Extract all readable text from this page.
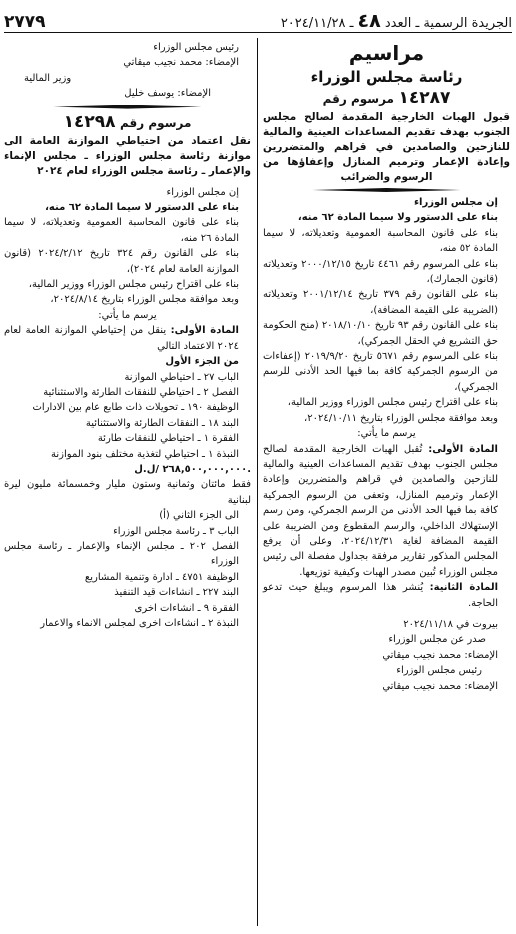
الجريدة الرسمية ـ العدد ٤٨ ـ ٢٠٢٤/١١/٢٨
٢٧٧٩
مراسيم
رئاسة مجلس الوزراء
١٤٢٨٧ مرسوم رقم
قبول الهبات الخارجية المقدمة لصالح مجلس الجنوب بهدف تقديم المساعدات العينية والمالية للنازحين والصامدين في قراهم والمتضررين وإعادة الإعمار وترميم المنازل وإعفاؤها من الرسوم والضرائب

إن مجلس الوزراء

بناء على الدستور ولا سيما المادة ٦٢ منه،

بناء على قانون المحاسبة العمومية وتعديلاته، لا سيما المادة ٥٢ منه،

بناء على المرسوم رقم ٤٤٦١ تاريخ ٢٠٠٠/١٢/١٥ وتعديلاته (قانون الجمارك)،

بناء على القانون رقم ٣٧٩ تاريخ ٢٠٠١/١٢/١٤ وتعديلاته (الضريبة على القيمة المضافة)،

بناء على القانون رقم ٩٣ تاريخ ٢٠١٨/١٠/١٠ (منح الحكومة حق التشريع في الحقل الجمركي)،

بناء على المرسوم رقم ٥٦٧١ تاريخ ٢٠١٩/٩/٢٠ (إعفاءات من الرسوم الجمركية كافة بما فيها الحد الأدنى للرسم الجمركي)،

بناء على اقتراح رئيس مجلس الوزراء ووزير المالية،

وبعد موافقة مجلس الوزراء بتاريخ ٢٠٢٤/١٠/١١،

يرسم ما يأتي:

المادة الأولى: تُقبل الهبات الخارجية المقدمة لصالح مجلس الجنوب بهدف تقديم المساعدات العينية والمالية للنازحين والصامدين في قراهم والمتضررين وإعادة الإعمار وترميم المنازل، وتعفى من الرسوم الجمركية كافة بما فيها الحد الأدنى من الرسم الجمركي، ومن رسم الإستهلاك الداخلي، والرسم المقطوع ومن الضريبة على القيمة المضافة لغاية ٢٠٢٤/١٢/٣١، وعلى أن يرفع المجلس المذكور تقارير مرفقة بجداول مفصلة الى رئيس مجلس الوزراء تُبين مصدر الهبات وكيفية توزيعها.

المادة الثانية: يُنشر هذا المرسوم ويبلغ حيث تدعو الحاجة.

بيروت في ٢٠٢٤/١١/١٨

صدر عن مجلس الوزراء

الإمضاء: محمد نجيب ميقاتي

رئيس مجلس الوزراء

الإمضاء: محمد نجيب ميقاتي

رئيس مجلس الوزراء

الإمضاء: محمد نجيب ميقاتي

وزير المالية

الإمضاء: يوسف خليل

مرسوم رقم ١٤٢٩٨
نقل اعتماد من احتياطي الموازنة العامة الى موازنة رئاسة مجلس الوزراء ـ مجلس الإنماء والإعمار ـ رئاسة مجلس الوزراء لعام ٢٠٢٤

إن مجلس الوزراء

بناء على الدستور لا سيما المادة ٦٢ منه،

بناء على قانون المحاسبة العمومية وتعديلاته، لا سيما المادة ٢٦ منه،

بناء على القانون رقم ٣٢٤ تاريخ ٢٠٢٤/٢/١٢ (قانون الموازنة العامة لعام ٢٠٢٤)،

بناء على اقتراح رئيس مجلس الوزراء ووزير المالية،

وبعد موافقة مجلس الوزراء بتاريخ ٢٠٢٤/٨/١٤،

يرسم ما يأتي:

المادة الأولى: ينقل من إحتياطي الموازنة العامة لعام ٢٠٢٤ الاعتماد التالي

من الجزء الأول

الباب ٢٧ ـ احتياطي الموازنة

الفصل ٢ ـ احتياطي للنفقات الطارئة والاستثنائية

الوظيفة ١٩٠ ـ تحويلات ذات طابع عام بين الادارات

البند ١٨ ـ النفقات الطارئة والاستثنائية

الفقرة ١ ـ احتياطي للنفقات طارئة

النبذة ١ ـ احتياطي لتغذية مختلف بنود الموازنة

٢٦٨,٥٠٠,٠٠٠,٠٠٠ /ل.ل.

فقط مائتان وثمانية وستون مليار وخمسمائة مليون ليرة لبنانية

الى الجزء الثاني (أ)

الباب ٣ ـ رئاسة مجلس الوزراء

الفصل ٢٠٢ ـ مجلس الإنماء والإعمار ـ رئاسة مجلس الوزراء

الوظيفة ٤٧٥١ ـ ادارة وتنمية المشاريع

البند ٢٢٧ ـ انشاءات قيد التنفيذ

الفقرة ٩ ـ انشاءات اخرى

النبذة ٢ ـ انشاءات اخرى لمجلس الانماء والاعمار
